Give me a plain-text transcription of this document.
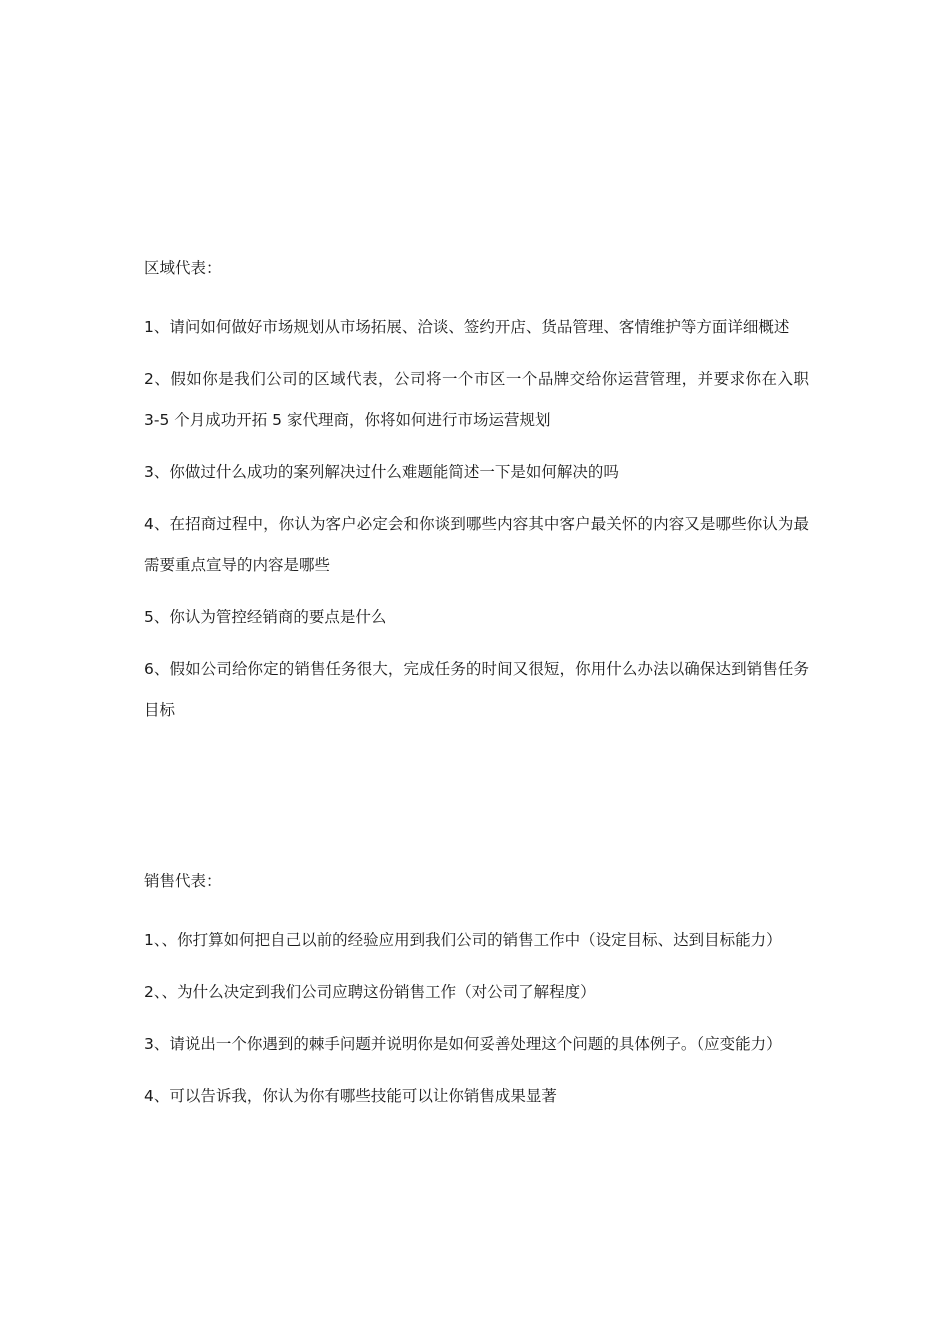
区域代表：

1、请问如何做好市场规划从市场拓展、洽谈、签约开店、货品管理、客情维护等方面详细概述

2、假如你是我们公司的区域代表，公司将一个市区一个品牌交给你运营管理，并要求你在入职 3-5 个月成功开拓 5 家代理商，你将如何进行市场运营规划

3、你做过什么成功的案列解决过什么难题能简述一下是如何解决的吗

4、在招商过程中，你认为客户必定会和你谈到哪些内容其中客户最关怀的内容又是哪些你认为最需要重点宣导的内容是哪些

5、你认为管控经销商的要点是什么

6、假如公司给你定的销售任务很大，完成任务的时间又很短，你用什么办法以确保达到销售任务目标

销售代表：

1、、你打算如何把自己以前的经验应用到我们公司的销售工作中（设定目标、达到目标能力）

2、、为什么决定到我们公司应聘这份销售工作（对公司了解程度）

3、请说出一个你遇到的棘手问题并说明你是如何妥善处理这个问题的具体例子。（应变能力）

4、可以告诉我，你认为你有哪些技能可以让你销售成果显著
